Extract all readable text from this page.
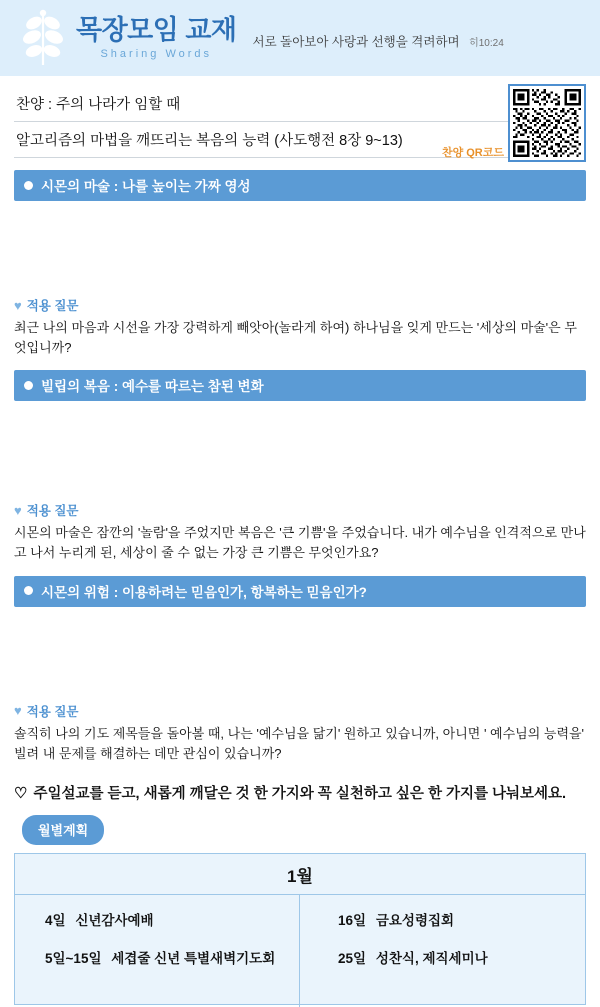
목장모임 교재
Sharing Words
서로 돌아보아 사랑과 선행을 격려하며 히10:24
찬양 : 주의 나라가 임할 때
알고리즘의 마법을 깨뜨리는 복음의 능력 (사도행전 8장 9~13)
찬양 QR코드
시몬의 마술 : 나를 높이는 가짜 영성
♥ 적용 질문
최근 나의 마음과 시선을 가장 강력하게 빼앗아(놀라게 하여) 하나님을 잊게 만드는 '세상의 마술'은 무엇입니까?
빌립의 복음 : 예수를 따르는 참된 변화
♥ 적용 질문
시몬의 마술은 잠깐의 '놀람'을 주었지만 복음은 '큰 기쁨'을 주었습니다. 내가 예수님을 인격적으로 만나고 나서 누리게 된, 세상이 줄 수 없는 가장 큰 기쁨은 무엇인가요?
시몬의 위험 : 이용하려는 믿음인가, 항복하는 믿음인가?
♥ 적용 질문
솔직히 나의 기도 제목들을 돌아볼 때, 나는 '예수님을 닮기' 원하고 있습니까, 아니면 ' 예수님의 능력을' 빌려 내 문제를 해결하는 데만 관심이 있습니까?
♡ 주일설교를 듣고, 새롭게 깨달은 것 한 가지와 꼭 실천하고 싶은 한 가지를 나눠보세요.
월별계획
1월
4일 신년감사예배
5일~15일 세겹줄 신년 특별새벽기도회
16일 금요성령집회
25일 성찬식, 제직세미나
